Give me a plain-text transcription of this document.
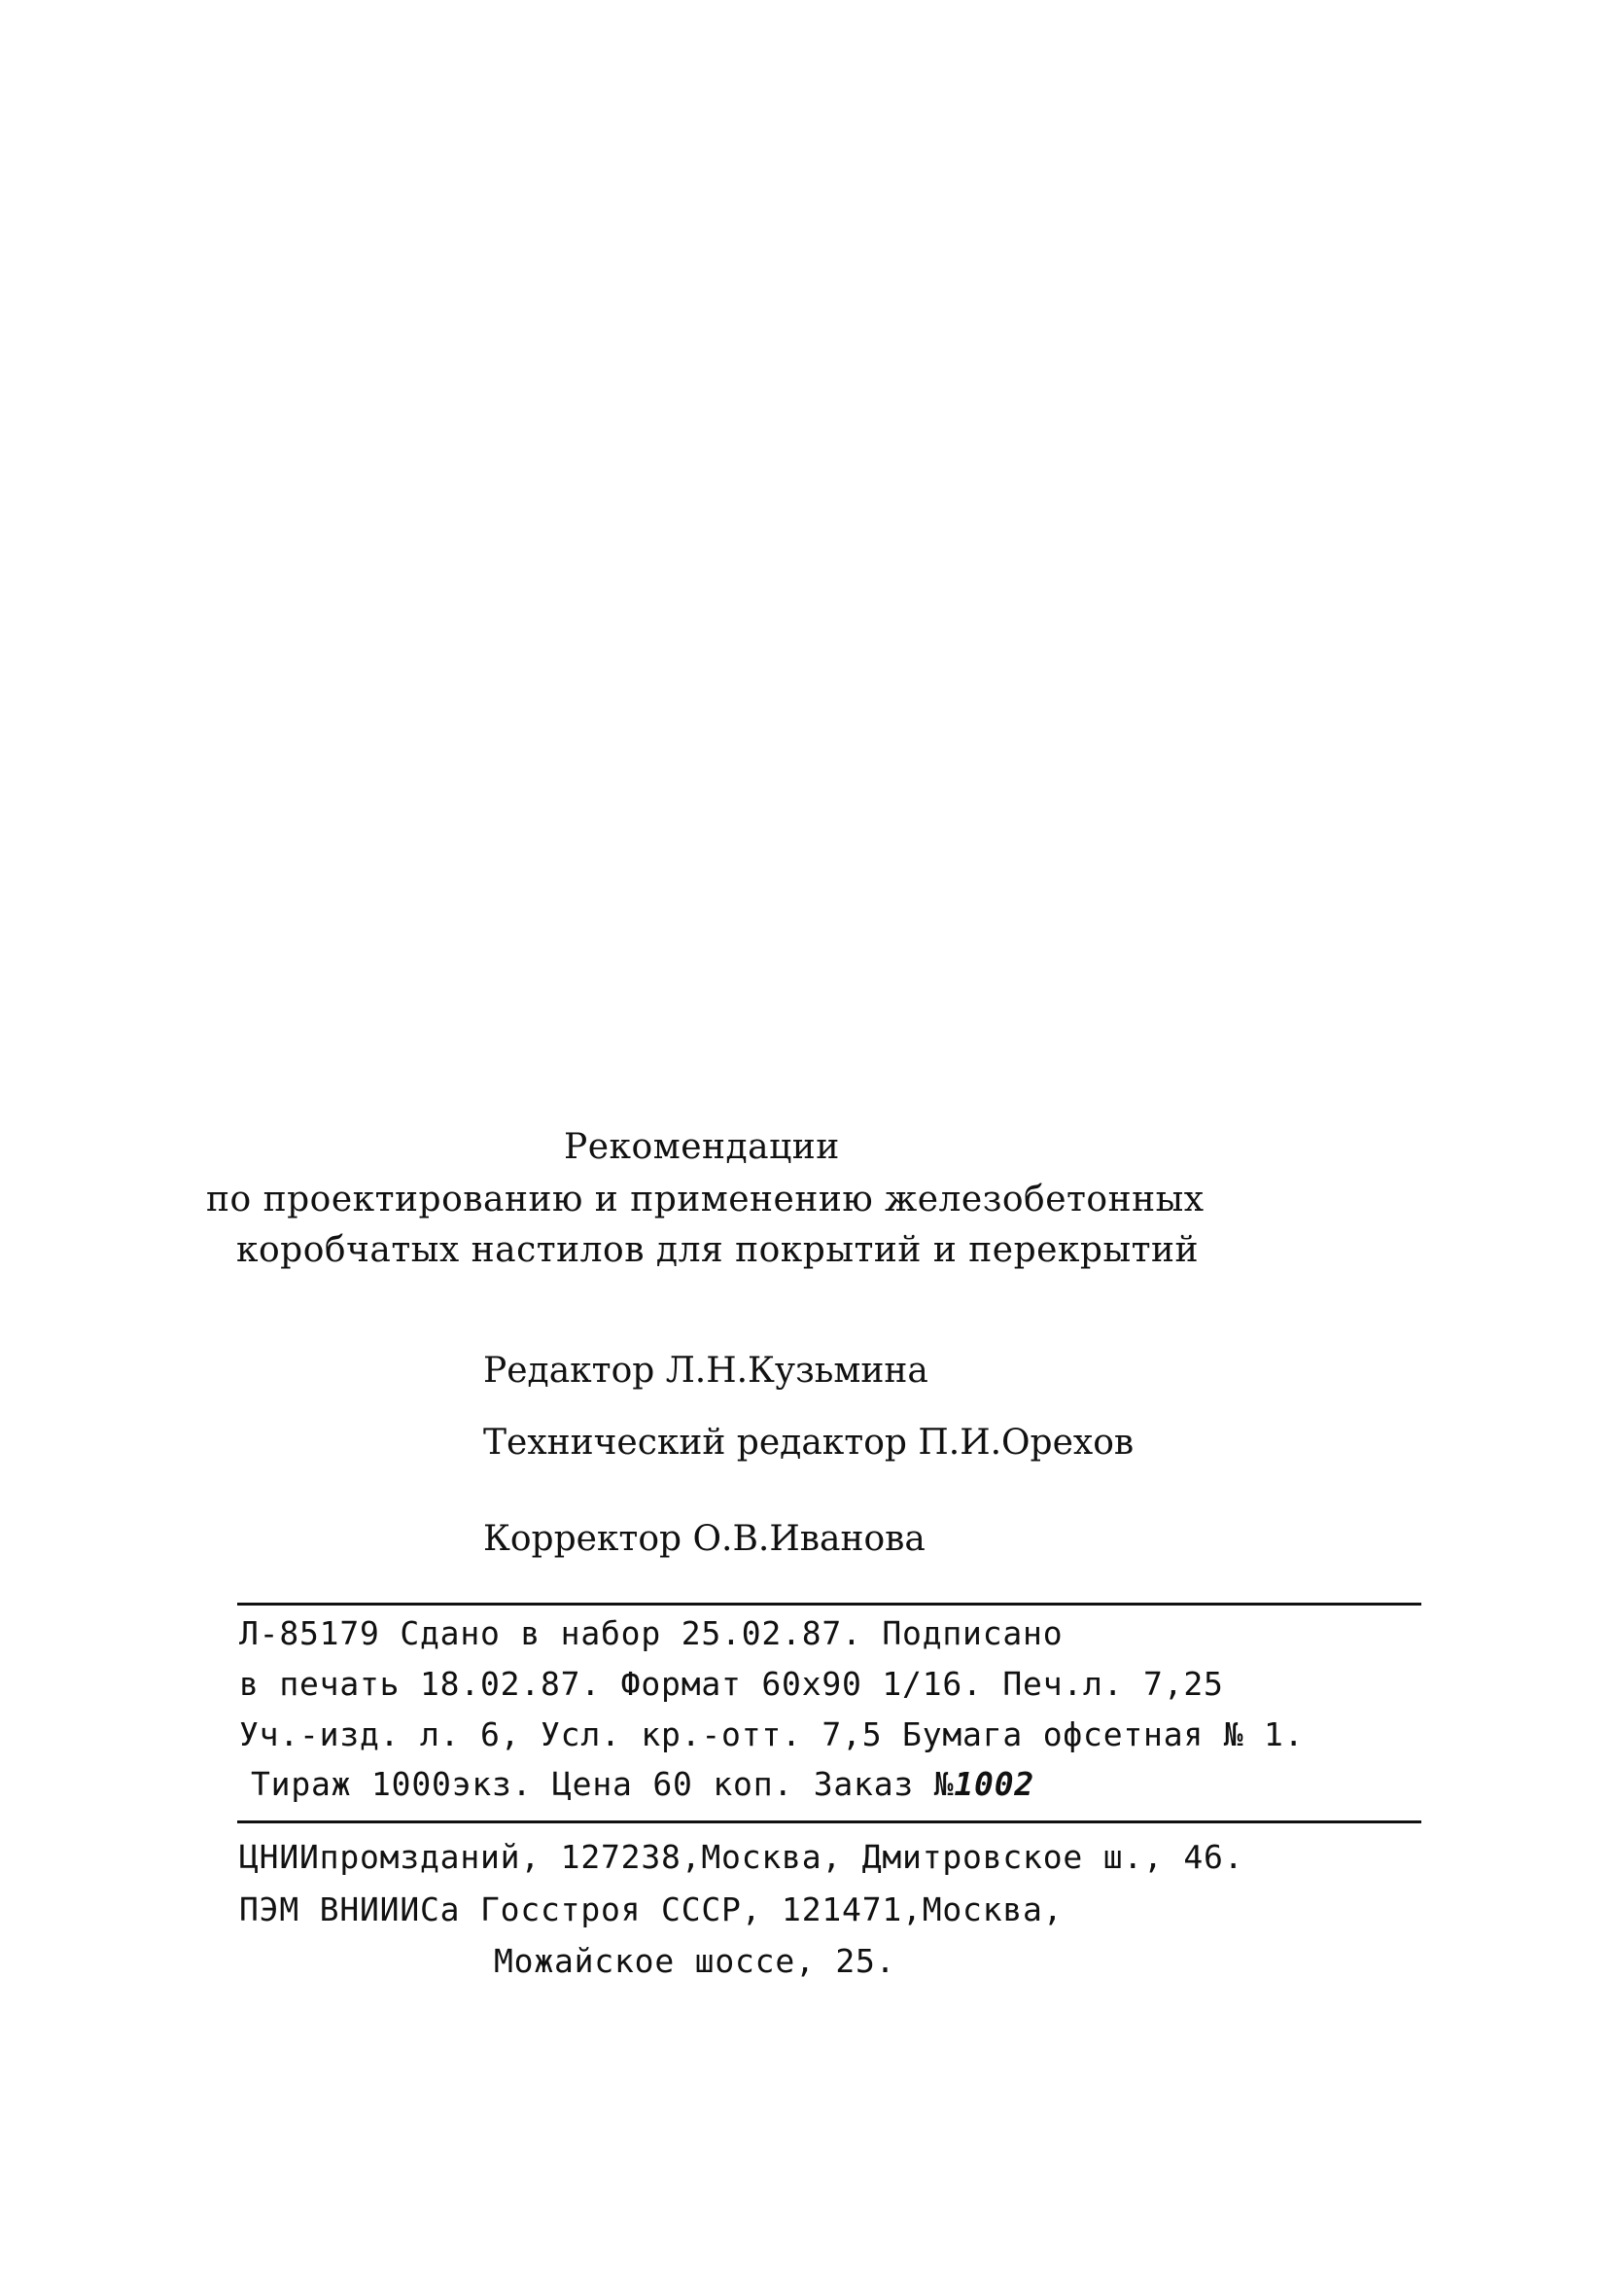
Рекомендации
по проектированию и применению железобетонных
коробчатых настилов для покрытий и перекрытий
Редактор Л.Н.Кузьмина
Технический редактор П.И.Орехов
Корректор О.В.Иванова
Л-85179 Сдано в набор 25.02.87. Подписано
в печать 18.02.87. Формат 60х90 1/16. Печ.л. 7,25
Уч.-изд. л. 6, Усл. кр.-отт. 7,5 Бумага офсетная № 1.
Тираж 1000экз. Цена 60 коп. Заказ №1002
ЦНИИпромзданий, 127238,Москва, Дмитровское ш., 46.
ПЭМ ВНИИИСа Госстроя СССР, 121471,Москва,
Можайское шоссе, 25.
